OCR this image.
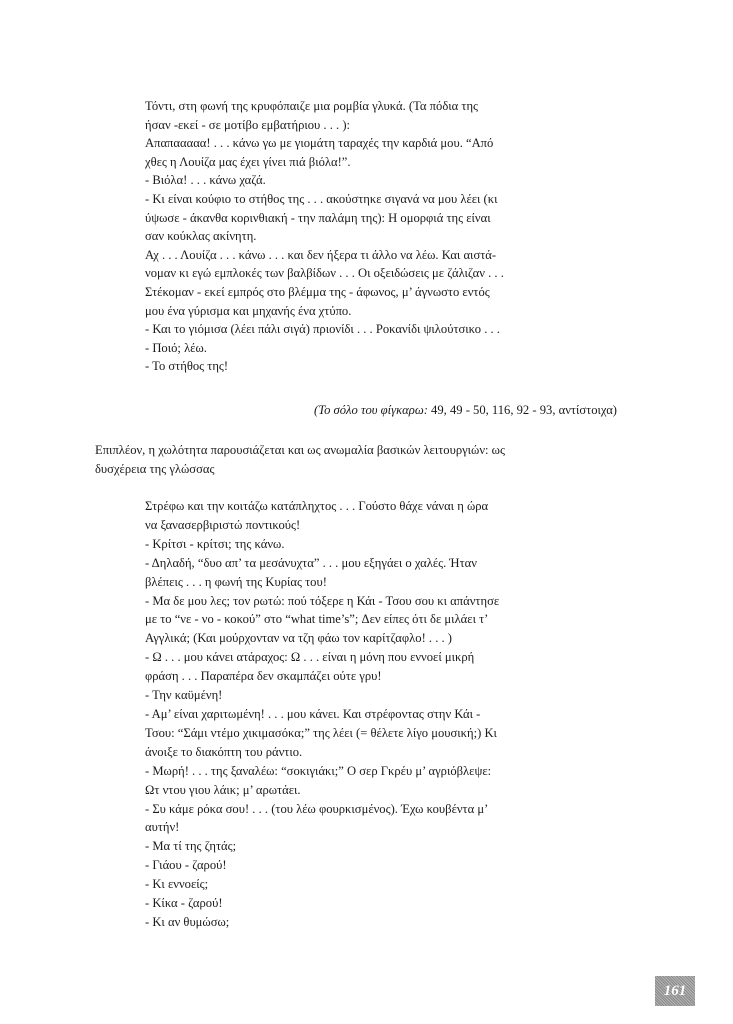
Τόντι, στη φωνή της κρυφόπαιζε μια ρομβία γλυκά. (Τα πόδια της
ήσαν -εκεί - σε μοτίβο εμβατήριου . . . ):
Απαπααααα! . . . κάνω γω με γιομάτη ταραχές την καρδιά μου. “Από
χθες η Λουίζα μας έχει γίνει πιά βιόλα!”.
- Βιόλα! . . . κάνω χαζά.
- Κι είναι κούφιο το στήθος της . . . ακούστηκε σιγανά να μου λέει (κι
ύψωσε - άκανθα κορινθιακή - την παλάμη της): Η ομορφιά της είναι
σαν κούκλας ακίνητη.
Αχ . . . Λουίζα . . . κάνω . . . και δεν ήξερα τι άλλο να λέω. Και αιστά-
νομαν κι εγώ εμπλοκές των βαλβίδων . . . Οι οξειδώσεις με ζάλιζαν . . .
Στέκομαν - εκεί εμπρός στο βλέμμα της - άφωνος, μ’ άγνωστο εντός
μου ένα γύρισμα και μηχανής ένα χτύπο.
- Και το γιόμισα (λέει πάλι σιγά) πριονίδι . . . Ροκανίδι ψιλούτσικο . . .
- Ποιό; λέω.
- Το στήθος της!
(Το σόλο του φίγκαρω: 49, 49 - 50, 116, 92 - 93, αντίστοιχα)
Επιπλέον, η χωλότητα παρουσιάζεται και ως ανωμαλία βασικών λειτουργιών: ως
δυσχέρεια της γλώσσας
Στρέφω και την κοιτάζω κατάπληχτος . . . Γούστο θάχε νάναι η ώρα
να ξανασερβιριστώ ποντικούς!
- Κρίτσι - κρίτσι; της κάνω.
- Δηλαδή, “δυο απ’ τα μεσάνυχτα” . . . μου εξηγάει ο χαλές. Ήταν
βλέπεις . . . η φωνή της Κυρίας του!
- Μα δε μου λες; τον ρωτώ: πού τόξερε η Κάι - Τσου σου κι απάντησε
με το “νε - νο - κοκού” στο “what time’s”; Δεν είπες ότι δε μιλάει τ’
Αγγλικά; (Και μούρχονταν να τζη φάω τον καρίτζαφλο! . . . )
- Ω . . . μου κάνει ατάραχος: Ω . . . είναι η μόνη που εννοεί μικρή
φράση . . . Παραπέρα δεν σκαμπάζει ούτε γρυ!
- Την καϋμένη!
- Αμ’ είναι χαριτωμένη! . . . μου κάνει. Και στρέφοντας στην Κάι -
Τσου: “Σάμι ντέμο χικιμασόκα;” της λέει (= θέλετε λίγο μουσική;) Κι
άνοιξε το διακόπτη του ράντιο.
- Μωρή! . . . της ξαναλέω: “σοκιγιάκι;” Ο σερ Γκρέυ μ’ αγριόβλεψε:
Ωτ ντου γιου λάικ; μ’ αρωτάει.
- Συ κάμε ρόκα σου! . . . (του λέω φουρκισμένος). Έχω κουβέντα μ’
αυτήν!
- Μα τί της ζητάς;
- Γιάου - ζαρού!
- Κι εννοείς;
- Κίκα - ζαρού!
- Κι αν θυμώσω;
161
